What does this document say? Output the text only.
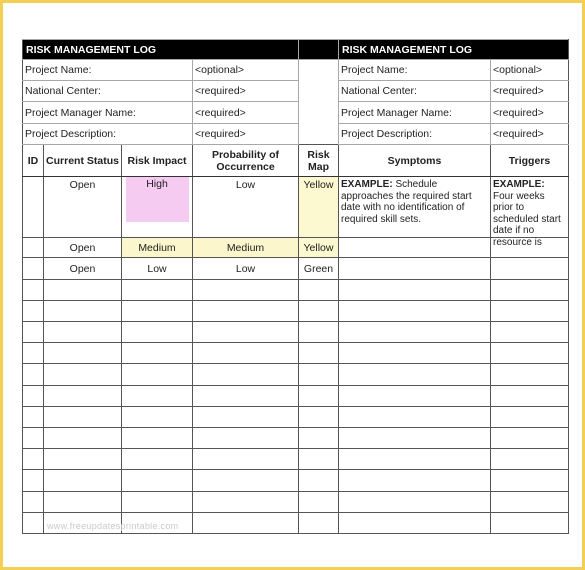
RISK MANAGEMENT LOG					RISK MANAGEMENT LOG	
Project Name:			<optional>		Project Name:	<optional>
National Center:			<required>		National Center:	<required>
Project Manager Name:			<required>		Project Manager Name:	<required>
Project Description:			<required>		Project Description:	<required>
ID	Current Status	Risk Impact	Probability of Occurrence	Risk Map	Symptoms	Triggers
	Open	High	Low	Yellow	EXAMPLE: Schedule approaches the required start date with no identification of required skill sets.	EXAMPLE: Four weeks prior to scheduled start date if no resource is

	Open	Medium	Medium	Yellow		
	Open	Low	Low	Green		

www.freeupdatesprintable.com
